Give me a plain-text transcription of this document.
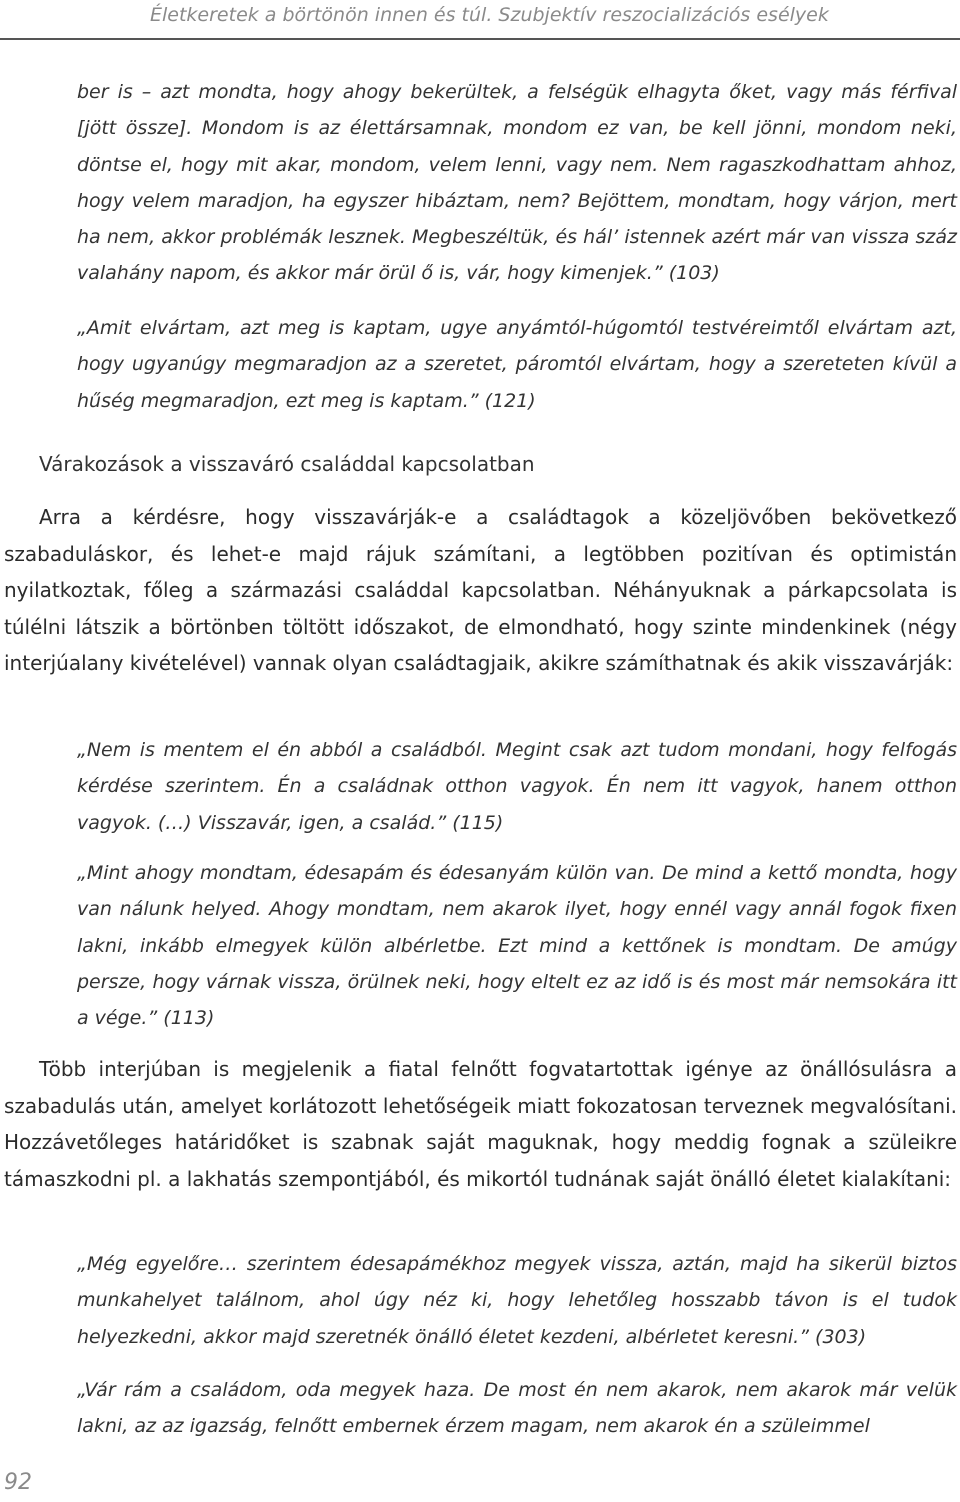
Életkeretek a börtönön innen és túl. Szubjektív reszocializációs esélyek

ber is – azt mondta, hogy ahogy bekerültek, a felségük elhagyta őket, vagy más férfival [jött össze]. Mondom is az élettársamnak, mondom ez van, be kell jönni, mondom neki, döntse el, hogy mit akar, mondom, velem lenni, vagy nem. Nem ragaszkodhattam ahhoz, hogy velem maradjon, ha egyszer hibáztam, nem? Bejöttem, mondtam, hogy várjon, mert ha nem, akkor problémák lesznek. Megbeszéltük, és hál’ istennek azért már van vissza száz valahány napom, és akkor már örül ő is, vár, hogy kimenjek.” (103)

„Amit elvártam, azt meg is kaptam, ugye anyámtól-húgomtól testvéreimtől elvártam azt, hogy ugyanúgy megmaradjon az a szeretet, páromtól elvártam, hogy a szereteten kívül a hűség megmaradjon, ezt meg is kaptam.” (121)

Várakozások a visszaváró családdal kapcsolatban

Arra a kérdésre, hogy visszavárják-e a családtagok a közeljövőben bekövetkező szabaduláskor, és lehet-e majd rájuk számítani, a legtöbben pozitívan és optimistán nyilatkoztak, főleg a származási családdal kapcsolatban. Néhányuknak a párkapcsolata is túlélni látszik a börtönben töltött időszakot, de elmondható, hogy szinte mindenkinek (négy interjúalany kivételével) vannak olyan családtagjaik, akikre számíthatnak és akik visszavárják:

„Nem is mentem el én abból a családból. Megint csak azt tudom mondani, hogy felfogás kérdése szerintem. Én a családnak otthon vagyok. Én nem itt vagyok, hanem otthon vagyok. (…) Visszavár, igen, a család.” (115)

„Mint ahogy mondtam, édesapám és édesanyám külön van. De mind a kettő mondta, hogy van nálunk helyed. Ahogy mondtam, nem akarok ilyet, hogy ennél vagy annál fogok fixen lakni, inkább elmegyek külön albérletbe. Ezt mind a kettőnek is mondtam. De amúgy persze, hogy várnak vissza, örülnek neki, hogy eltelt ez az idő is és most már nemsokára itt a vége.” (113)

Több interjúban is megjelenik a fiatal felnőtt fogvatartottak igénye az önállósulásra a szabadulás után, amelyet korlátozott lehetőségeik miatt fokozatosan terveznek megvalósítani. Hozzávetőleges határidőket is szabnak saját maguknak, hogy meddig fognak a szüleikre támaszkodni pl. a lakhatás szempontjából, és mikortól tudnának saját önálló életet kialakítani:

„Még egyelőre… szerintem édesapámékhoz megyek vissza, aztán, majd ha sikerül biztos munkahelyet találnom, ahol úgy néz ki, hogy lehetőleg hosszabb távon is el tudok helyezkedni, akkor majd szeretnék önálló életet kezdeni, albérletet keresni.” (303)

„Vár rám a családom, oda megyek haza. De most én nem akarok, nem akarok már velük lakni, az az igazság, felnőtt embernek érzem magam, nem akarok én a szüleimmel

92
